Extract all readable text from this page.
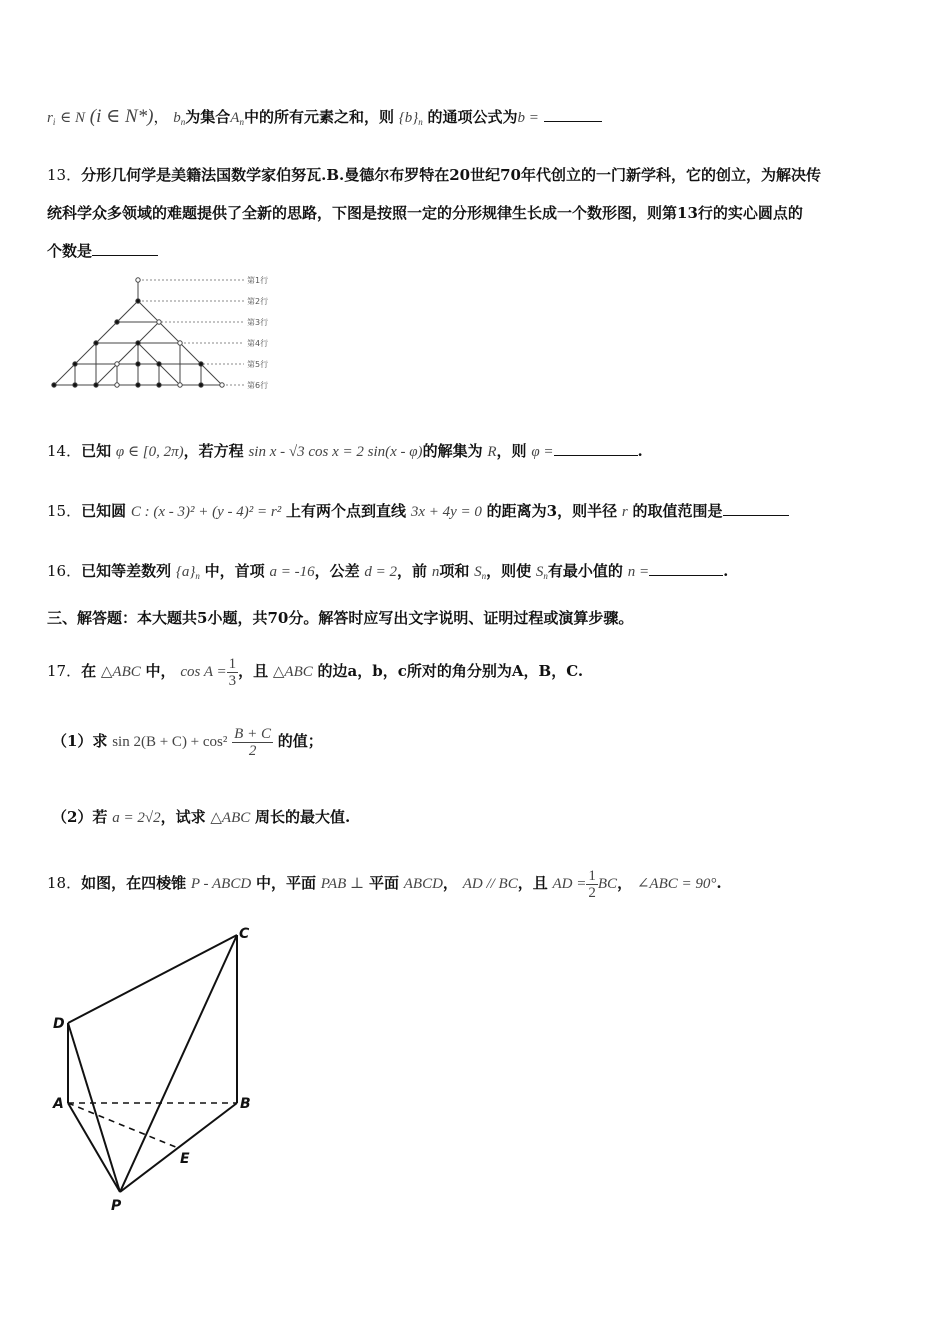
$r_i$ ∈ N (i ∈ N*)， $b_n$为集合$A_n$中的所有元素之和，则 $\{b\}_n$ 的通项公式为b =
13．分形几何学是美籍法国数学家伯努瓦.B.曼德尔布罗特在20世纪70年代创立的一门新学科，它的创立，为解决传
统科学众多领域的难题提供了全新的思路，下图是按照一定的分形规律生长成一个数形图，则第13行的实心圆点的
个数是
第1行
第2行
第3行
第4行
第5行
第6行
14．已知 φ ∈ [0, 2π)，若方程 sin x - √3 cos x = 2 sin(x - φ)的解集为 R，则 φ =	.
15．已知圆 C : (x - 3)² + (y - 4)² = r² 上有两个点到直线 3x + 4y = 0 的距离为3，则半径 r 的取值范围是
16．已知等差数列 $\{a\}_n$ 中，首项 a = -16，公差 d = 2，前 n项和 $S_n$，则使 $S_n$有最小值的 n =	.
三、解答题：本大题共5小题，共70分。解答时应写出文字说明、证明过程或演算步骤。
17．在 △ABC 中， $\cos A = \frac{1}{3}$ ，且 △ABC 的边a，b，c所对的角分别为A，B，C.
（1）求 $\sin 2(B + C) + \cos^2 \frac{B + C}{2}$ 的值；
（2）若 a = 2√2，试求 △ABC 周长的最大值.
18．如图，在四棱锥 P - ABCD 中，平面 PAB ⊥ 平面 ABCD， AD // BC，且 AD = $\frac{1}{2}$ BC， ∠ABC = 90°.
C
D
A	B
E
P
